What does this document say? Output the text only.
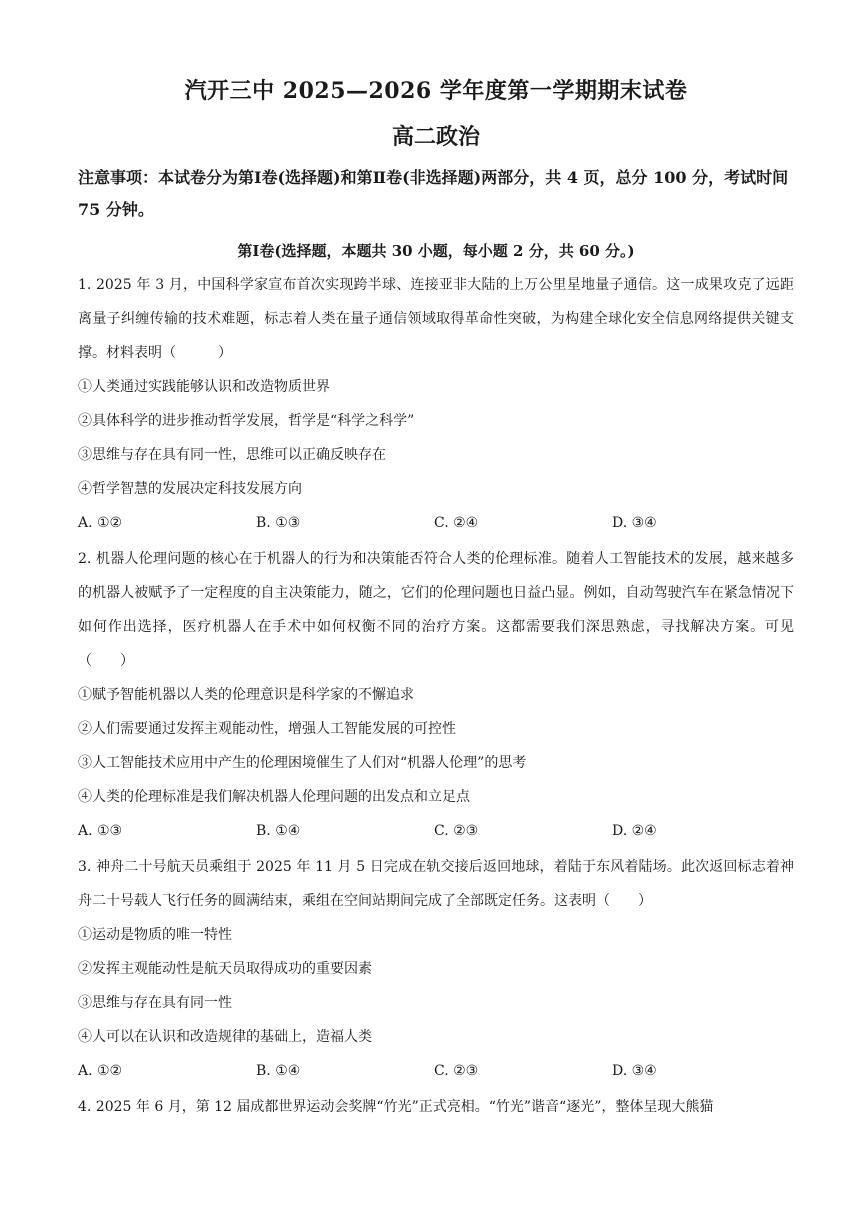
汽开三中 2025—2026 学年度第一学期期末试卷
高二政治
注意事项：本试卷分为第Ⅰ卷(选择题)和第Ⅱ卷(非选择题)两部分，共 4 页，总分 100 分，考试时间 75 分钟。
第Ⅰ卷(选择题，本题共 30 小题，每小题 2 分，共 60 分。)

1. 2025 年 3 月，中国科学家宣布首次实现跨半球、连接亚非大陆的上万公里星地量子通信。这一成果攻克了远距离量子纠缠传输的技术难题，标志着人类在量子通信领域取得革命性突破，为构建全球化安全信息网络提供关键支撑。材料表明（　　　）

①人类通过实践能够认识和改造物质世界

②具体科学的进步推动哲学发展，哲学是“科学之科学”

③思维与存在具有同一性，思维可以正确反映存在

④哲学智慧的发展决定科技发展方向

A. ①②	B. ①③	C. ②④	D. ③④

2. 机器人伦理问题的核心在于机器人的行为和决策能否符合人类的伦理标准。随着人工智能技术的发展，越来越多的机器人被赋予了一定程度的自主决策能力，随之，它们的伦理问题也日益凸显。例如，自动驾驶汽车在紧急情况下如何作出选择，医疗机器人在手术中如何权衡不同的治疗方案。这都需要我们深思熟虑，寻找解决方案。可见（　　）

①赋予智能机器以人类的伦理意识是科学家的不懈追求

②人们需要通过发挥主观能动性，增强人工智能发展的可控性

③人工智能技术应用中产生的伦理困境催生了人们对“机器人伦理”的思考

④人类的伦理标准是我们解决机器人伦理问题的出发点和立足点

A. ①③	B. ①④	C. ②③	D. ②④

3. 神舟二十号航天员乘组于 2025 年 11 月 5 日完成在轨交接后返回地球，着陆于东风着陆场。此次返回标志着神舟二十号载人飞行任务的圆满结束，乘组在空间站期间完成了全部既定任务。这表明（　　）

①运动是物质的唯一特性

②发挥主观能动性是航天员取得成功的重要因素

③思维与存在具有同一性

④人可以在认识和改造规律的基础上，造福人类

A. ①②	B. ①④	C. ②③	D. ③④

4. 2025 年 6 月，第 12 届成都世界运动会奖牌“竹光”正式亮相。“竹光”谐音“逐光”，整体呈现大熊猫
